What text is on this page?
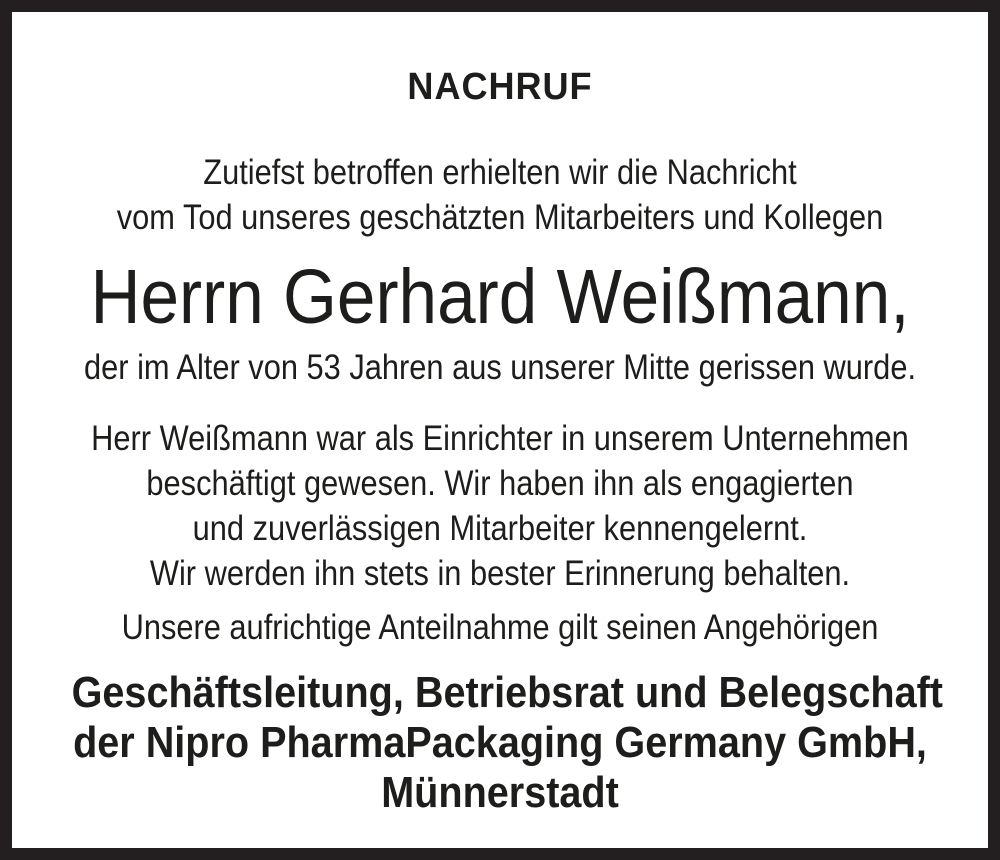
NACHRUF
Zutiefst betroffen erhielten wir die Nachricht
vom Tod unseres geschätzten Mitarbeiters und Kollegen
Herrn Gerhard Weißmann,
der im Alter von 53 Jahren aus unserer Mitte gerissen wurde.
Herr Weißmann war als Einrichter in unserem Unternehmen
beschäftigt gewesen. Wir haben ihn als engagierten
und zuverlässigen Mitarbeiter kennengelernt.
Wir werden ihn stets in bester Erinnerung behalten.
Unsere aufrichtige Anteilnahme gilt seinen Angehörigen
Geschäftsleitung, Betriebsrat und Belegschaft
der Nipro PharmaPackaging Germany GmbH,
Münnerstadt
